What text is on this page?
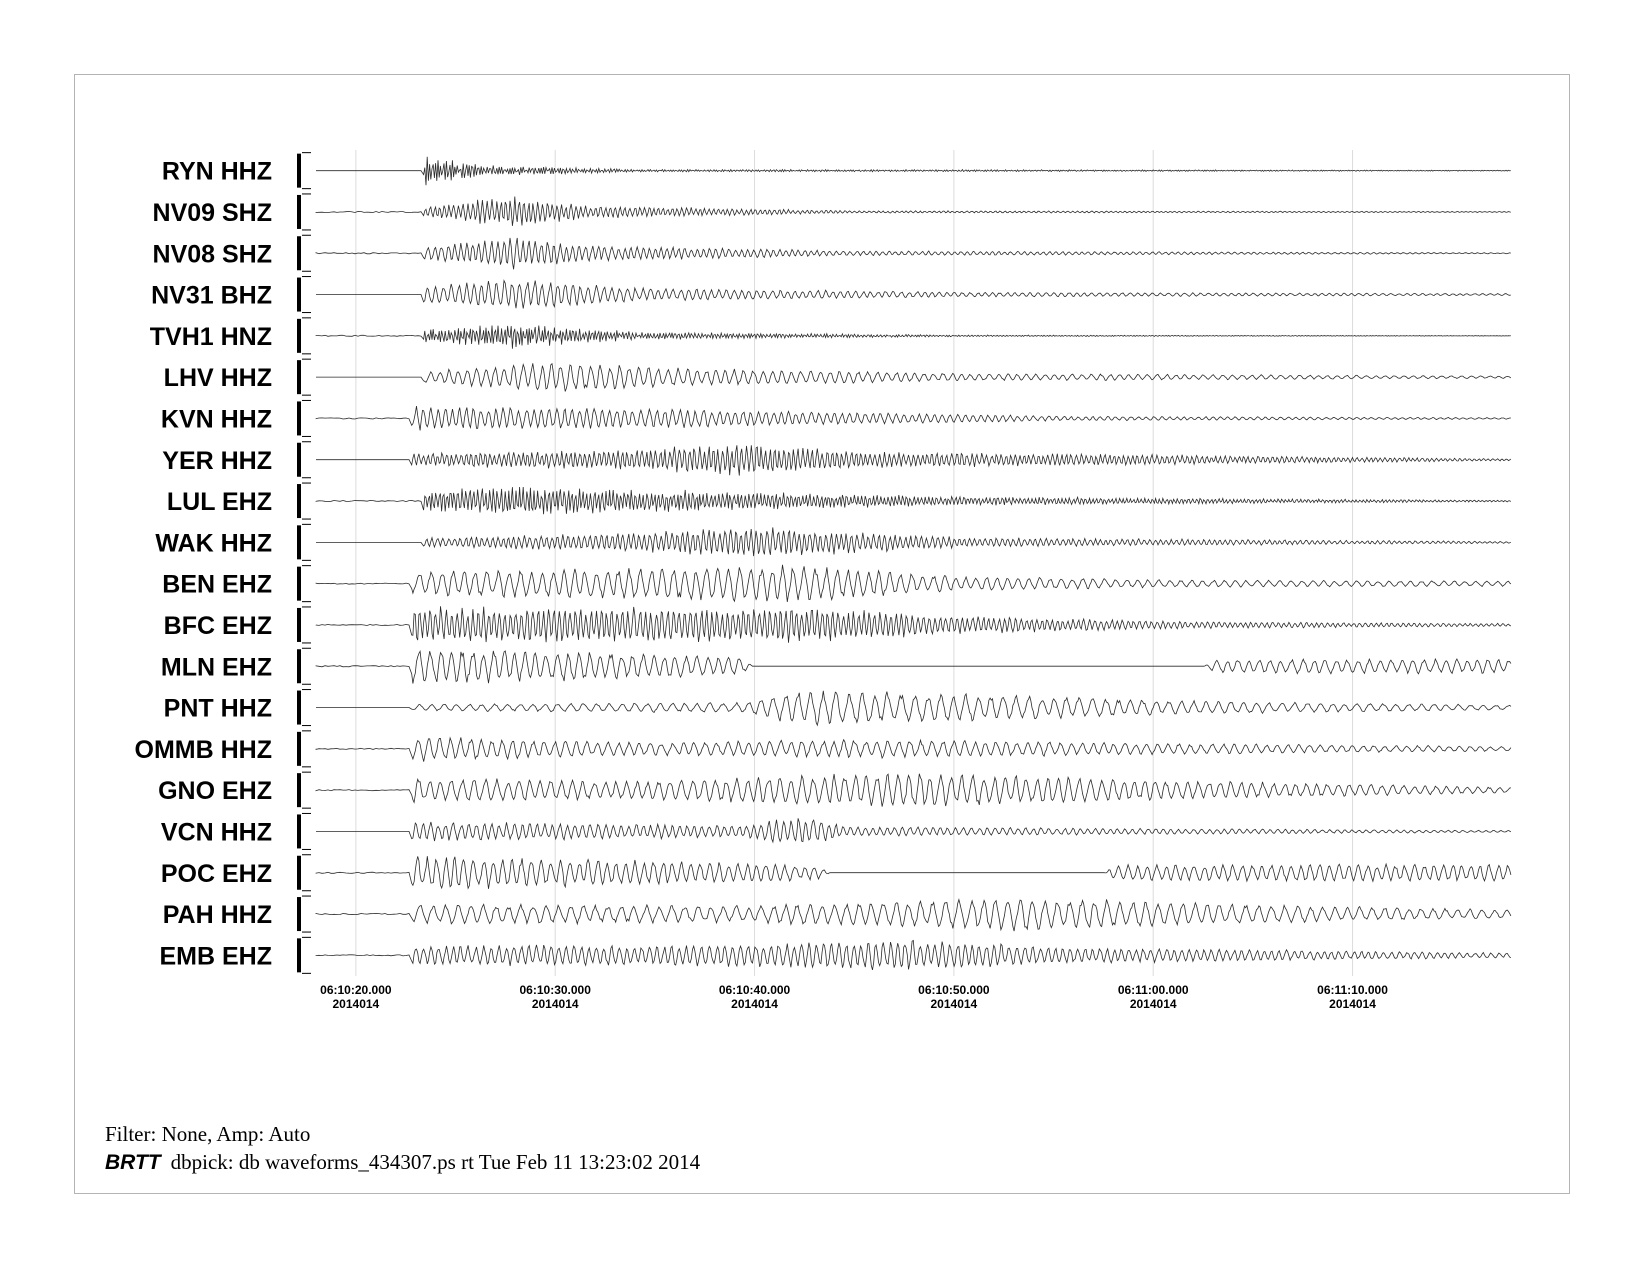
06:10:20.000
2014014
06:10:30.000
2014014
06:10:40.000
2014014
06:10:50.000
2014014
06:11:00.000
2014014
06:11:10.000
2014014
RYN HHZ
NV09 SHZ
NV08 SHZ
NV31 BHZ
TVH1 HNZ
LHV HHZ
KVN HHZ
YER HHZ
LUL EHZ
WAK HHZ
BEN EHZ
BFC EHZ
MLN EHZ
PNT HHZ
OMMB HHZ
GNO EHZ
VCN HHZ
POC EHZ
PAH HHZ
EMB EHZ
Filter: None, Amp: Auto
BRTT dbpick: db waveforms_434307.ps rt Tue Feb 11 13:23:02 2014
